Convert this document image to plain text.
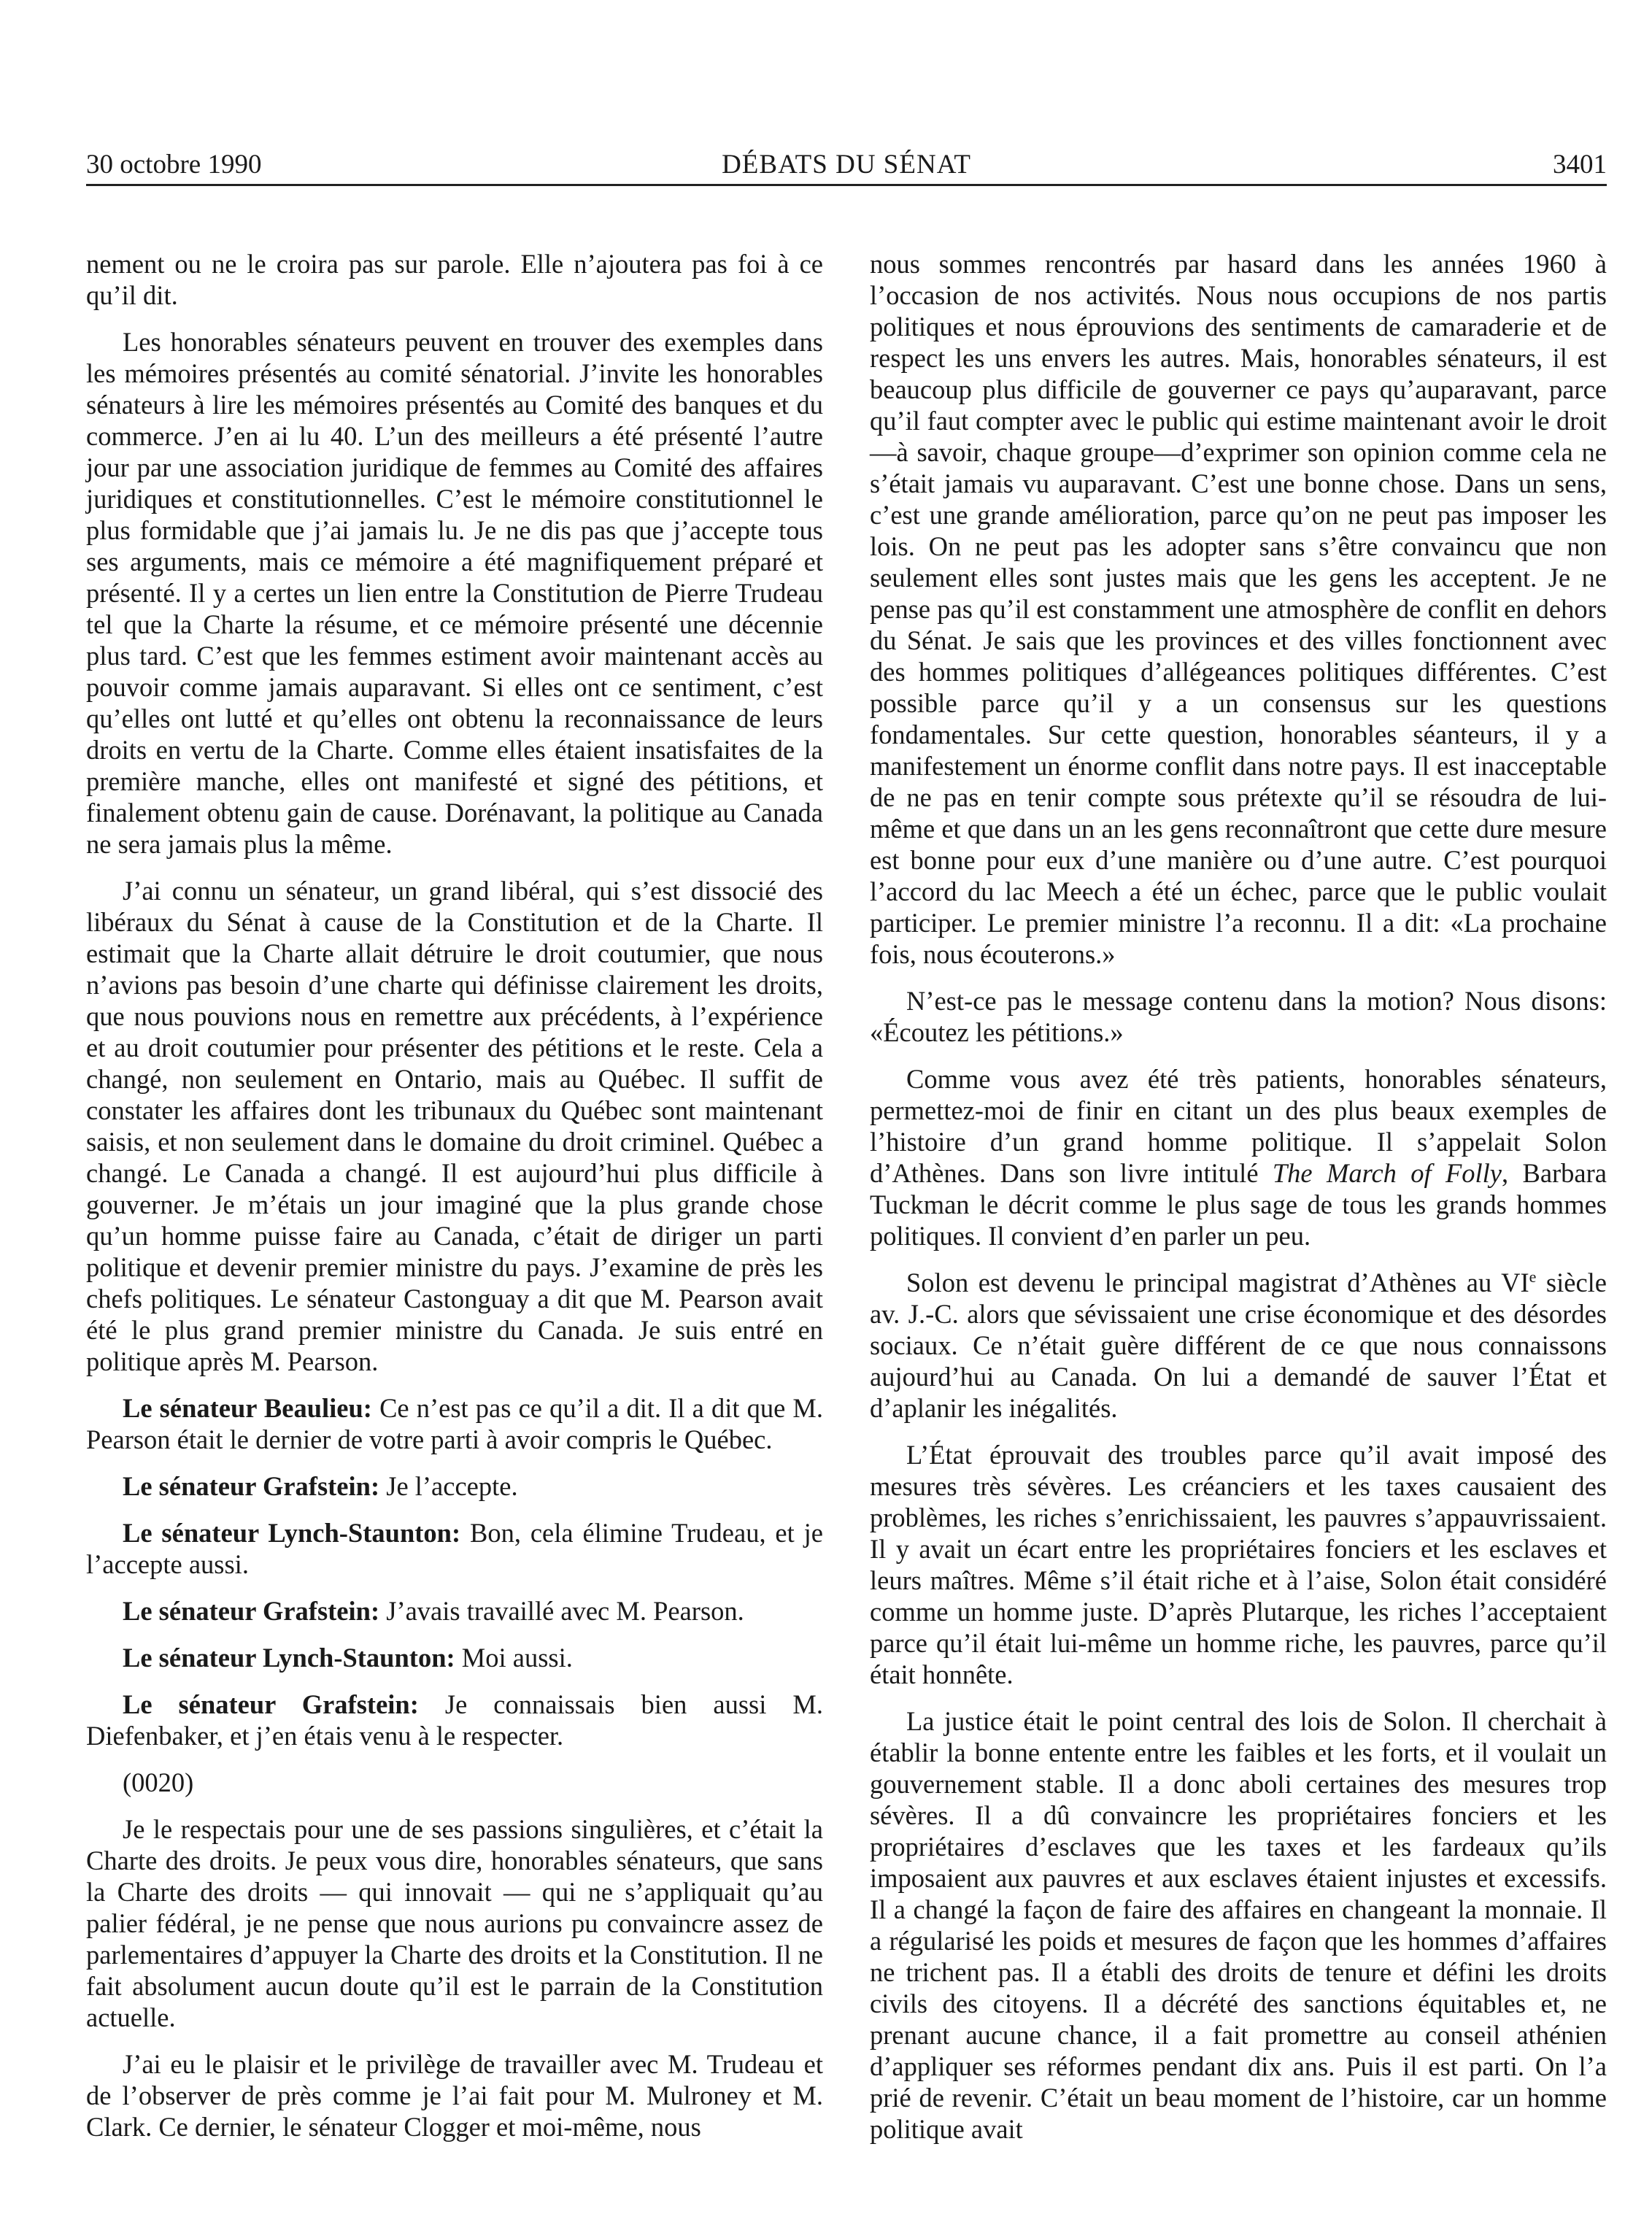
30 octobre 1990	DÉBATS DU SÉNAT	3401

nement ou ne le croira pas sur parole. Elle n’ajoutera pas foi à ce qu’il dit.

Les honorables sénateurs peuvent en trouver des exemples dans les mémoires présentés au comité sénatorial. J’invite les honorables sénateurs à lire les mémoires présentés au Comité des banques et du commerce. J’en ai lu 40. L’un des meilleurs a été présenté l’autre jour par une association juridique de femmes au Comité des affaires juridiques et constitutionnelles. C’est le mémoire constitutionnel le plus formidable que j’ai jamais lu. Je ne dis pas que j’accepte tous ses arguments, mais ce mémoire a été magnifiquement préparé et présenté. Il y a certes un lien entre la Constitution de Pierre Trudeau tel que la Charte la résume, et ce mémoire présenté une décennie plus tard. C’est que les femmes estiment avoir maintenant accès au pouvoir comme jamais auparavant. Si elles ont ce sentiment, c’est qu’elles ont lutté et qu’elles ont obtenu la reconnaissance de leurs droits en vertu de la Charte. Comme elles étaient insatisfaites de la première manche, elles ont manifesté et signé des pétitions, et finalement obtenu gain de cause. Dorénavant, la politique au Canada ne sera jamais plus la même.

J’ai connu un sénateur, un grand libéral, qui s’est dissocié des libéraux du Sénat à cause de la Constitution et de la Charte. Il estimait que la Charte allait détruire le droit coutumier, que nous n’avions pas besoin d’une charte qui définisse clairement les droits, que nous pouvions nous en remettre aux précédents, à l’expérience et au droit coutumier pour présenter des pétitions et le reste. Cela a changé, non seulement en Ontario, mais au Québec. Il suffit de constater les affaires dont les tribunaux du Québec sont maintenant saisis, et non seulement dans le domaine du droit criminel. Québec a changé. Le Canada a changé. Il est aujourd’hui plus difficile à gouverner. Je m’étais un jour imaginé que la plus grande chose qu’un homme puisse faire au Canada, c’était de diriger un parti politique et devenir premier ministre du pays. J’examine de près les chefs politiques. Le sénateur Castonguay a dit que M. Pearson avait été le plus grand premier ministre du Canada. Je suis entré en politique après M. Pearson.

Le sénateur Beaulieu: Ce n’est pas ce qu’il a dit. Il a dit que M. Pearson était le dernier de votre parti à avoir compris le Québec.

Le sénateur Grafstein: Je l’accepte.

Le sénateur Lynch-Staunton: Bon, cela élimine Trudeau, et je l’accepte aussi.

Le sénateur Grafstein: J’avais travaillé avec M. Pearson.

Le sénateur Lynch-Staunton: Moi aussi.

Le sénateur Grafstein: Je connaissais bien aussi M. Diefenbaker, et j’en étais venu à le respecter.

(0020)

Je le respectais pour une de ses passions singulières, et c’était la Charte des droits. Je peux vous dire, honorables sénateurs, que sans la Charte des droits — qui innovait — qui ne s’appliquait qu’au palier fédéral, je ne pense que nous aurions pu convaincre assez de parlementaires d’appuyer la Charte des droits et la Constitution. Il ne fait absolument aucun doute qu’il est le parrain de la Constitution actuelle.

J’ai eu le plaisir et le privilège de travailler avec M. Trudeau et de l’observer de près comme je l’ai fait pour M. Mulroney et M. Clark. Ce dernier, le sénateur Clogger et moi-même, nous

nous sommes rencontrés par hasard dans les années 1960 à l’occasion de nos activités. Nous nous occupions de nos partis politiques et nous éprouvions des sentiments de camaraderie et de respect les uns envers les autres. Mais, honorables sénateurs, il est beaucoup plus difficile de gouverner ce pays qu’auparavant, parce qu’il faut compter avec le public qui estime maintenant avoir le droit—à savoir, chaque groupe—d’exprimer son opinion comme cela ne s’était jamais vu auparavant. C’est une bonne chose. Dans un sens, c’est une grande amélioration, parce qu’on ne peut pas imposer les lois. On ne peut pas les adopter sans s’être convaincu que non seulement elles sont justes mais que les gens les acceptent. Je ne pense pas qu’il est constamment une atmosphère de conflit en dehors du Sénat. Je sais que les provinces et des villes fonctionnent avec des hommes politiques d’allégeances politiques différentes. C’est possible parce qu’il y a un consensus sur les questions fondamentales. Sur cette question, honorables séanteurs, il y a manifestement un énorme conflit dans notre pays. Il est inacceptable de ne pas en tenir compte sous prétexte qu’il se résoudra de lui-même et que dans un an les gens reconnaîtront que cette dure mesure est bonne pour eux d’une manière ou d’une autre. C’est pourquoi l’accord du lac Meech a été un échec, parce que le public voulait participer. Le premier ministre l’a reconnu. Il a dit: «La prochaine fois, nous écouterons.»

N’est-ce pas le message contenu dans la motion? Nous disons: «Écoutez les pétitions.»

Comme vous avez été très patients, honorables sénateurs, permettez-moi de finir en citant un des plus beaux exemples de l’histoire d’un grand homme politique. Il s’appelait Solon d’Athènes. Dans son livre intitulé The March of Folly, Barbara Tuckman le décrit comme le plus sage de tous les grands hommes politiques. Il convient d’en parler un peu.

Solon est devenu le principal magistrat d’Athènes au VIe siècle av. J.-C. alors que sévissaient une crise économique et des désordes sociaux. Ce n’était guère différent de ce que nous connaissons aujourd’hui au Canada. On lui a demandé de sauver l’État et d’aplanir les inégalités.

L’État éprouvait des troubles parce qu’il avait imposé des mesures très sévères. Les créanciers et les taxes causaient des problèmes, les riches s’enrichissaient, les pauvres s’appauvrissaient. Il y avait un écart entre les propriétaires fonciers et les esclaves et leurs maîtres. Même s’il était riche et à l’aise, Solon était considéré comme un homme juste. D’après Plutarque, les riches l’acceptaient parce qu’il était lui-même un homme riche, les pauvres, parce qu’il était honnête.

La justice était le point central des lois de Solon. Il cherchait à établir la bonne entente entre les faibles et les forts, et il voulait un gouvernement stable. Il a donc aboli certaines des mesures trop sévères. Il a dû convaincre les propriétaires fonciers et les propriétaires d’esclaves que les taxes et les fardeaux qu’ils imposaient aux pauvres et aux esclaves étaient injustes et excessifs. Il a changé la façon de faire des affaires en changeant la monnaie. Il a régularisé les poids et mesures de façon que les hommes d’affaires ne trichent pas. Il a établi des droits de tenure et défini les droits civils des citoyens. Il a décrété des sanctions équitables et, ne prenant aucune chance, il a fait promettre au conseil athénien d’appliquer ses réformes pendant dix ans. Puis il est parti. On l’a prié de revenir. C’était un beau moment de l’histoire, car un homme politique avait
